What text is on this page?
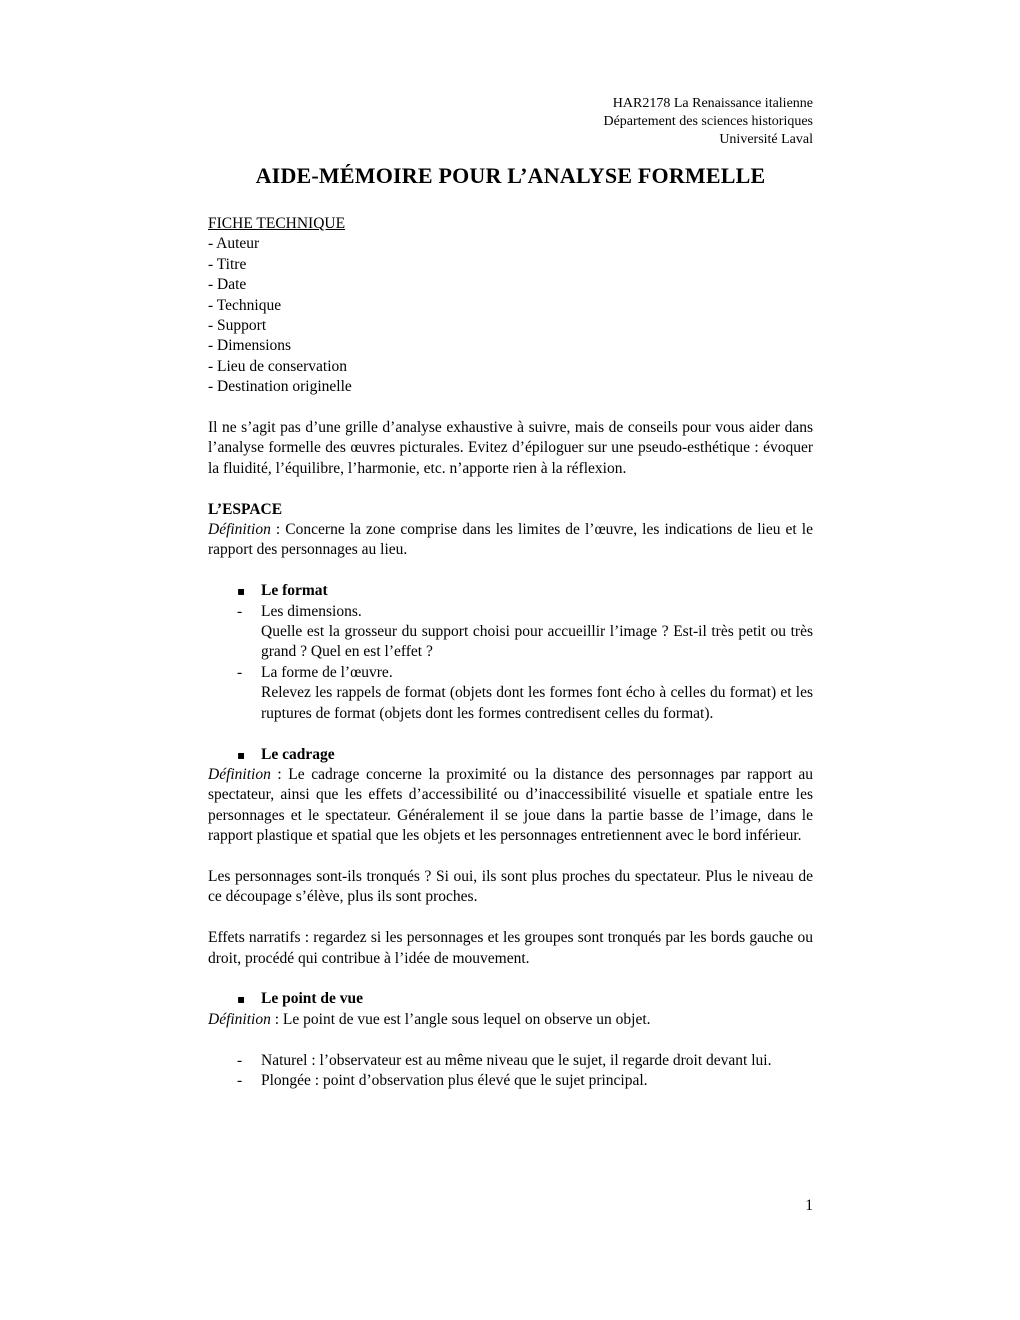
HAR2178 La Renaissance italienne
Département des sciences historiques
Université Laval
AIDE-MÉMOIRE POUR L’ANALYSE FORMELLE
FICHE TECHNIQUE
- Auteur
- Titre
- Date
- Technique
- Support
- Dimensions
- Lieu de conservation
- Destination originelle

Il ne s’agit pas d’une grille d’analyse exhaustive à suivre, mais de conseils pour vous aider dans l’analyse formelle des œuvres picturales. Evitez d’épiloguer sur une pseudo-esthétique : évoquer la fluidité, l’équilibre, l’harmonie, etc. n’apporte rien à la réflexion.

L’ESPACE

Définition : Concerne la zone comprise dans les limites de l’œuvre, les indications de lieu et le rapport des personnages au lieu.

▪ Le format
- Les dimensions.

Quelle est la grosseur du support choisi pour accueillir l’image ? Est-il très petit ou très grand ? Quel en est l’effet ?

- La forme de l’œuvre.

Relevez les rappels de format (objets dont les formes font écho à celles du format) et les ruptures de format (objets dont les formes contredisent celles du format).

▪ Le cadrage

Définition : Le cadrage concerne la proximité ou la distance des personnages par rapport au spectateur, ainsi que les effets d’accessibilité ou d’inaccessibilité visuelle et spatiale entre les personnages et le spectateur. Généralement il se joue dans la partie basse de l’image, dans le rapport plastique et spatial que les objets et les personnages entretiennent avec le bord inférieur.

Les personnages sont-ils tronqués ? Si oui, ils sont plus proches du spectateur. Plus le niveau de ce découpage s’élève, plus ils sont proches.

Effets narratifs : regardez si les personnages et les groupes sont tronqués par les bords gauche ou droit, procédé qui contribue à l’idée de mouvement.

▪ Le point de vue

Définition : Le point de vue est l’angle sous lequel on observe un objet.

- Naturel : l’observateur est au même niveau que le sujet, il regarde droit devant lui.
- Plongée : point d’observation plus élevé que le sujet principal.
1
